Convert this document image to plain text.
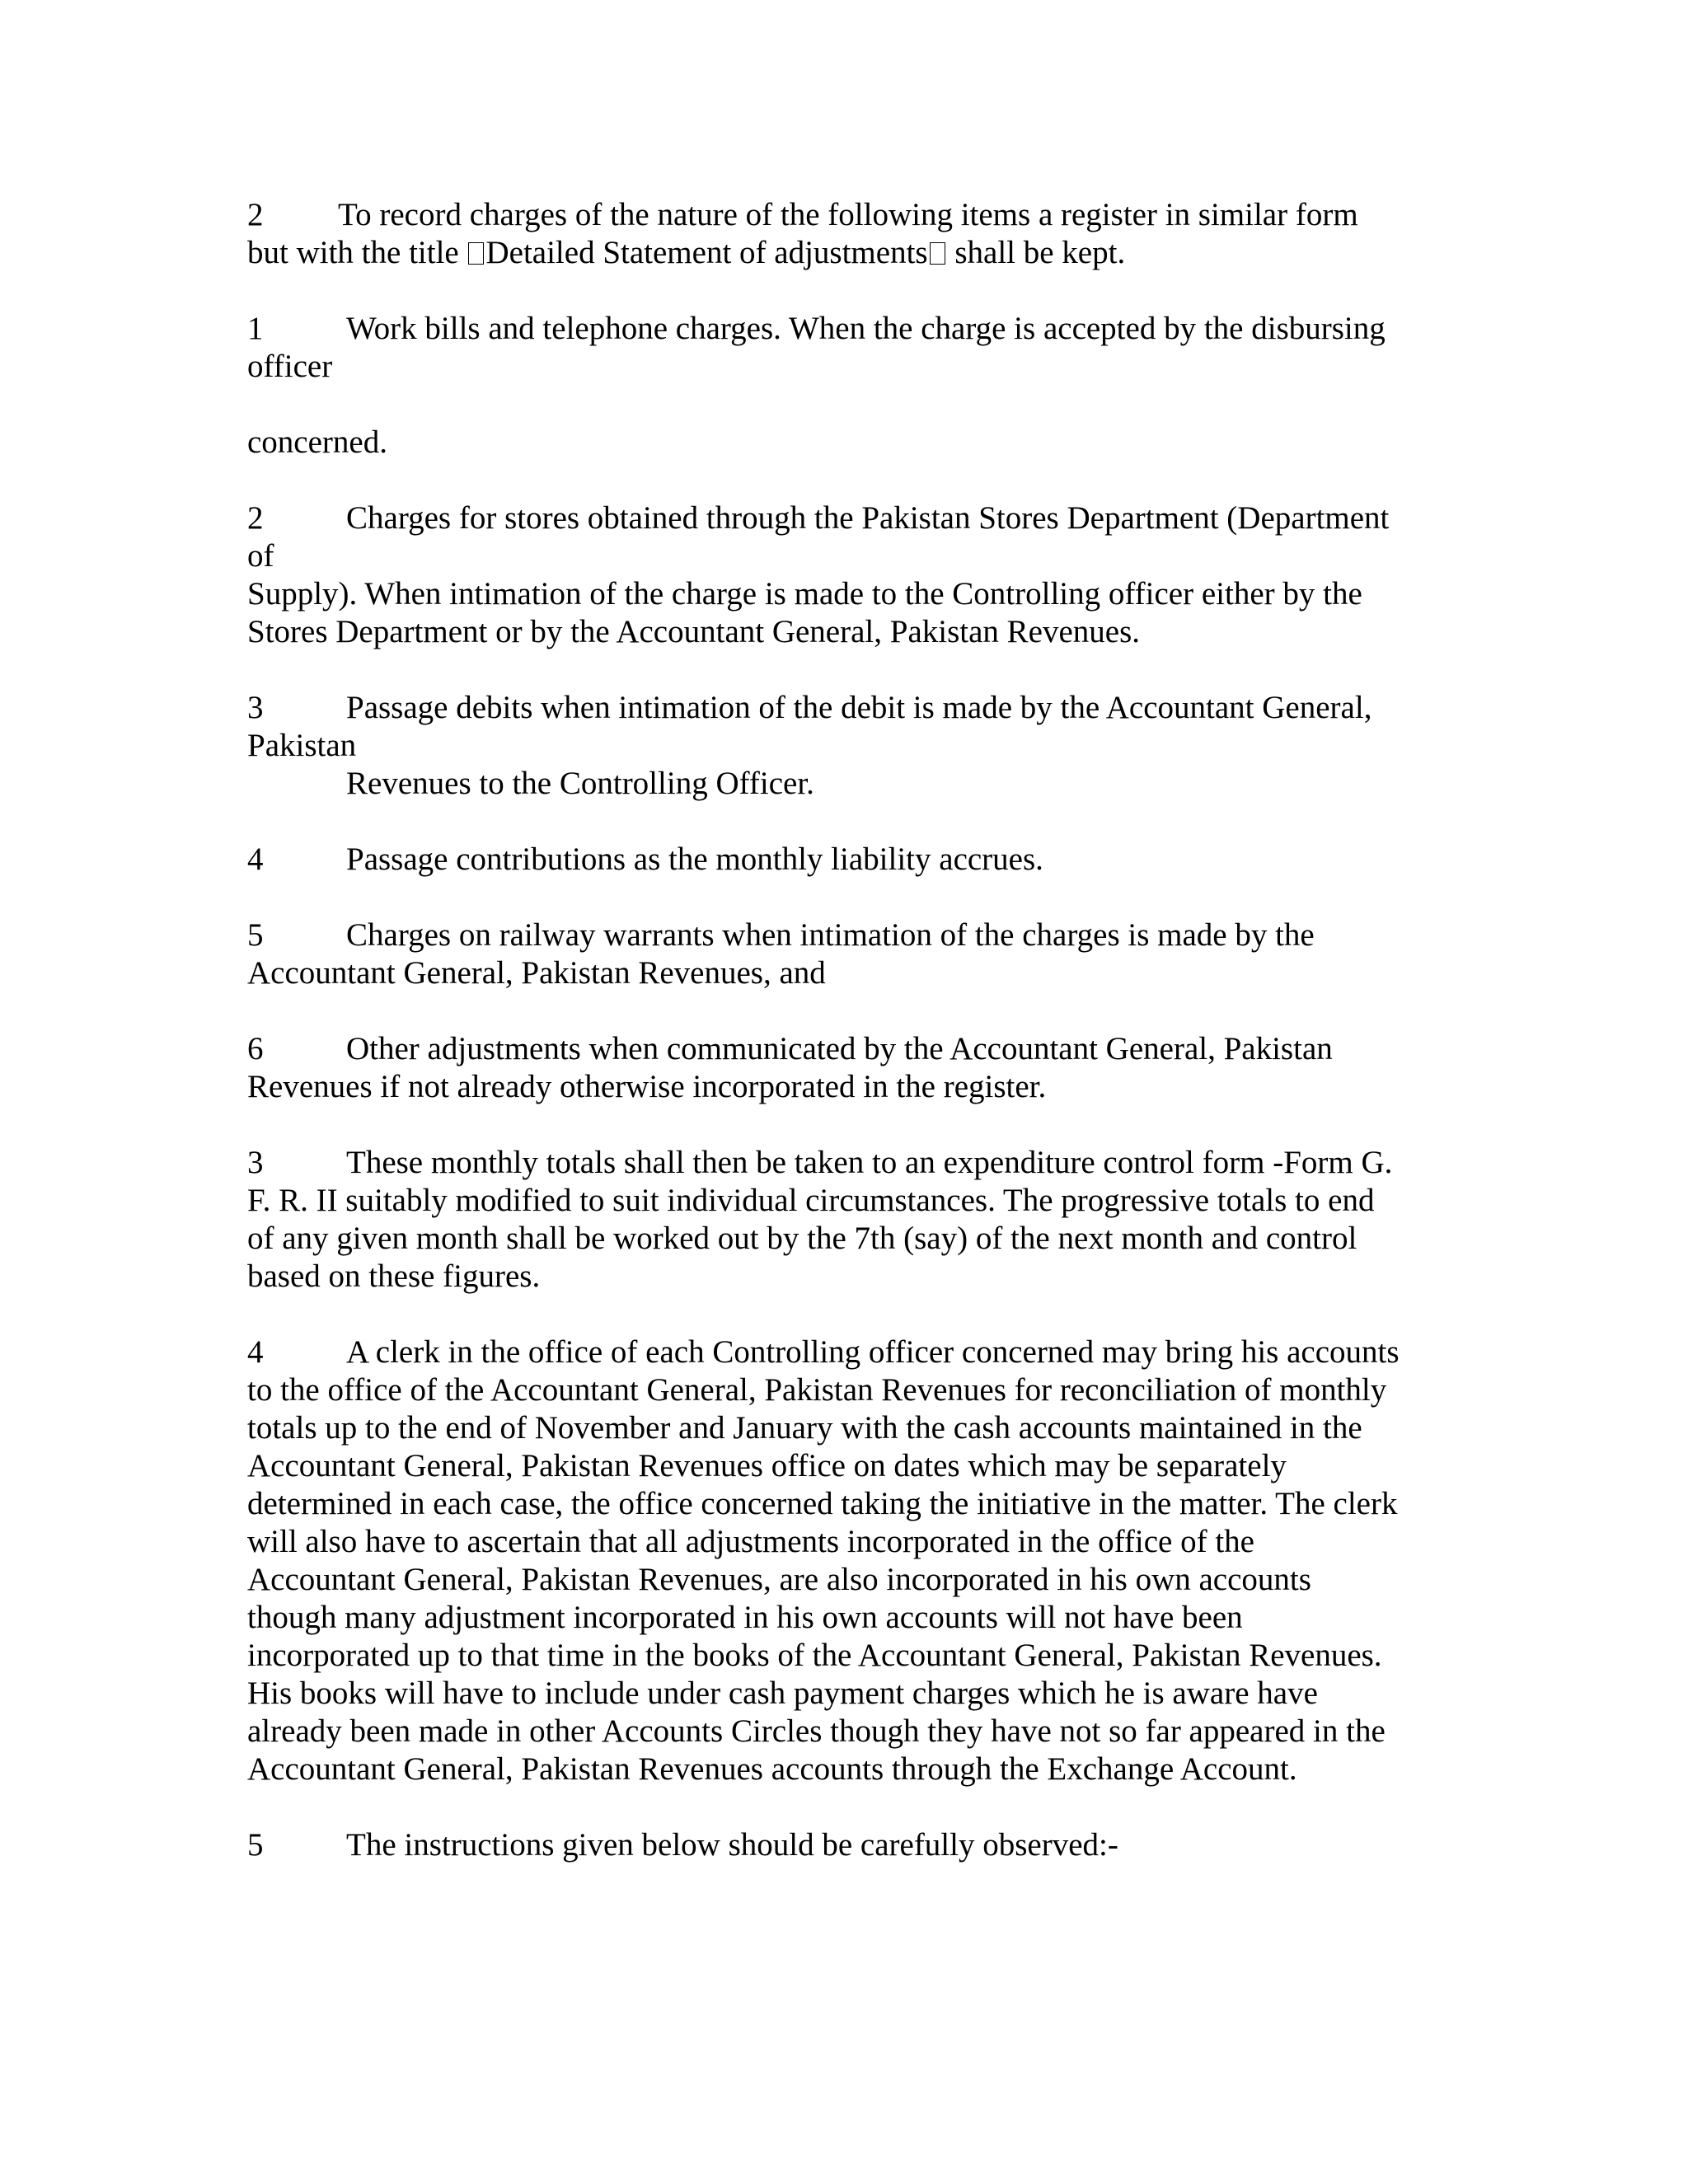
2 To record charges of the nature of the following items a register in similar form

but with the title Detailed Statement of adjustments shall be kept.

1	Work bills and telephone charges. When the charge is accepted by the disbursing

officer

concerned.

2	Charges for stores obtained through the Pakistan Stores Department (Department

of

Supply). When intimation of the charge is made to the Controlling officer either by the

Stores Department or by the Accountant General, Pakistan Revenues.

3	Passage debits when intimation of the debit is made by the Accountant General,

Pakistan

Revenues to the Controlling Officer.

4	Passage contributions as the monthly liability accrues.

5	Charges on railway warrants when intimation of the charges is made by the

Accountant General, Pakistan Revenues, and

6	Other adjustments when communicated by the Accountant General, Pakistan

Revenues if not already otherwise incorporated in the register.

3	These monthly totals shall then be taken to an expenditure control form -Form G.

F. R. II suitably modified to suit individual circumstances. The progressive totals to end

of any given month shall be worked out by the 7th (say) of the next month and control

based on these figures.

4	A clerk in the office of each Controlling officer concerned may bring his accounts

to the office of the Accountant General, Pakistan Revenues for reconciliation of monthly

totals up to the end of November and January with the cash accounts maintained in the

Accountant General, Pakistan Revenues office on dates which may be separately

determined in each case, the office concerned taking the initiative in the matter. The clerk

will also have to ascertain that all adjustments incorporated in the office of the

Accountant General, Pakistan Revenues, are also incorporated in his own accounts

though many adjustment incorporated in his own accounts will not have been

incorporated up to that time in the books of the Accountant General, Pakistan Revenues.

His books will have to include under cash payment charges which he is aware have

already been made in other Accounts Circles though they have not so far appeared in the

Accountant General, Pakistan Revenues accounts through the Exchange Account.

5	The instructions given below should be carefully observed:-
